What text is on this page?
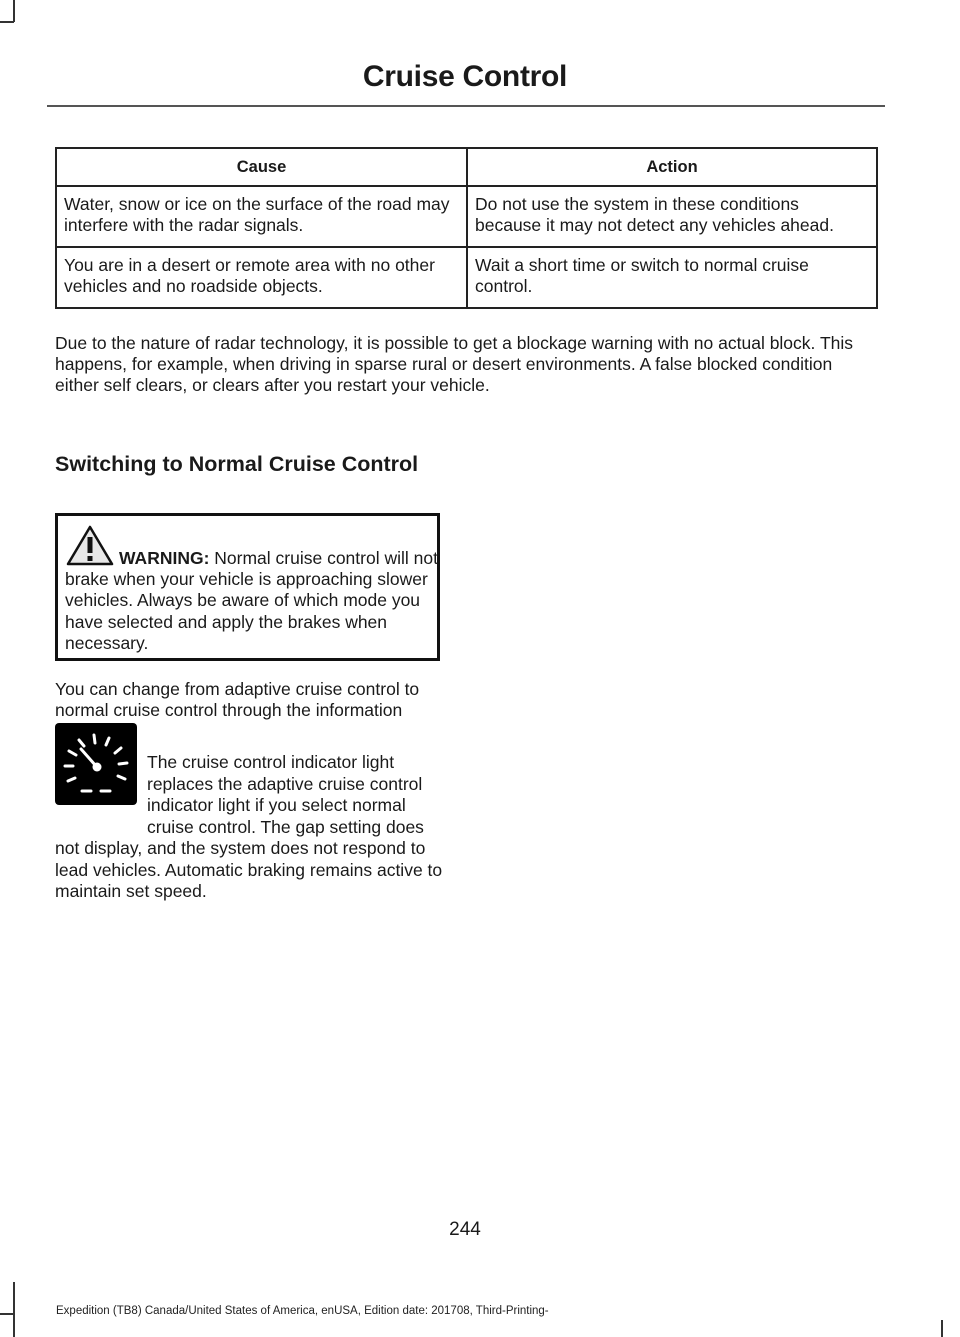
Cruise Control
Cause	Action
Water, snow or ice on the surface of the road may interfere with the radar signals.	Do not use the system in these conditions because it may not detect any vehicles ahead.
You are in a desert or remote area with no other vehicles and no roadside objects.	Wait a short time or switch to normal cruise control.
Due to the nature of radar technology, it is possible to get a blockage warning with no actual block. This happens, for example, when driving in sparse rural or desert environments. A false blocked condition either self clears, or clears after you restart your vehicle.
Switching to Normal Cruise Control
WARNING: Normal cruise control will not brake when your vehicle is approaching slower vehicles. Always be aware of which mode you have selected and apply the brakes when necessary.
You can change from adaptive cruise control to normal cruise control through the information
The cruise control indicator light replaces the adaptive cruise control indicator light if you select normal cruise control. The gap setting does not display, and the system does not respond to lead vehicles. Automatic braking remains active to maintain set speed.
244
Expedition (TB8) Canada/United States of America, enUSA, Edition date: 201708, Third-Printing-
